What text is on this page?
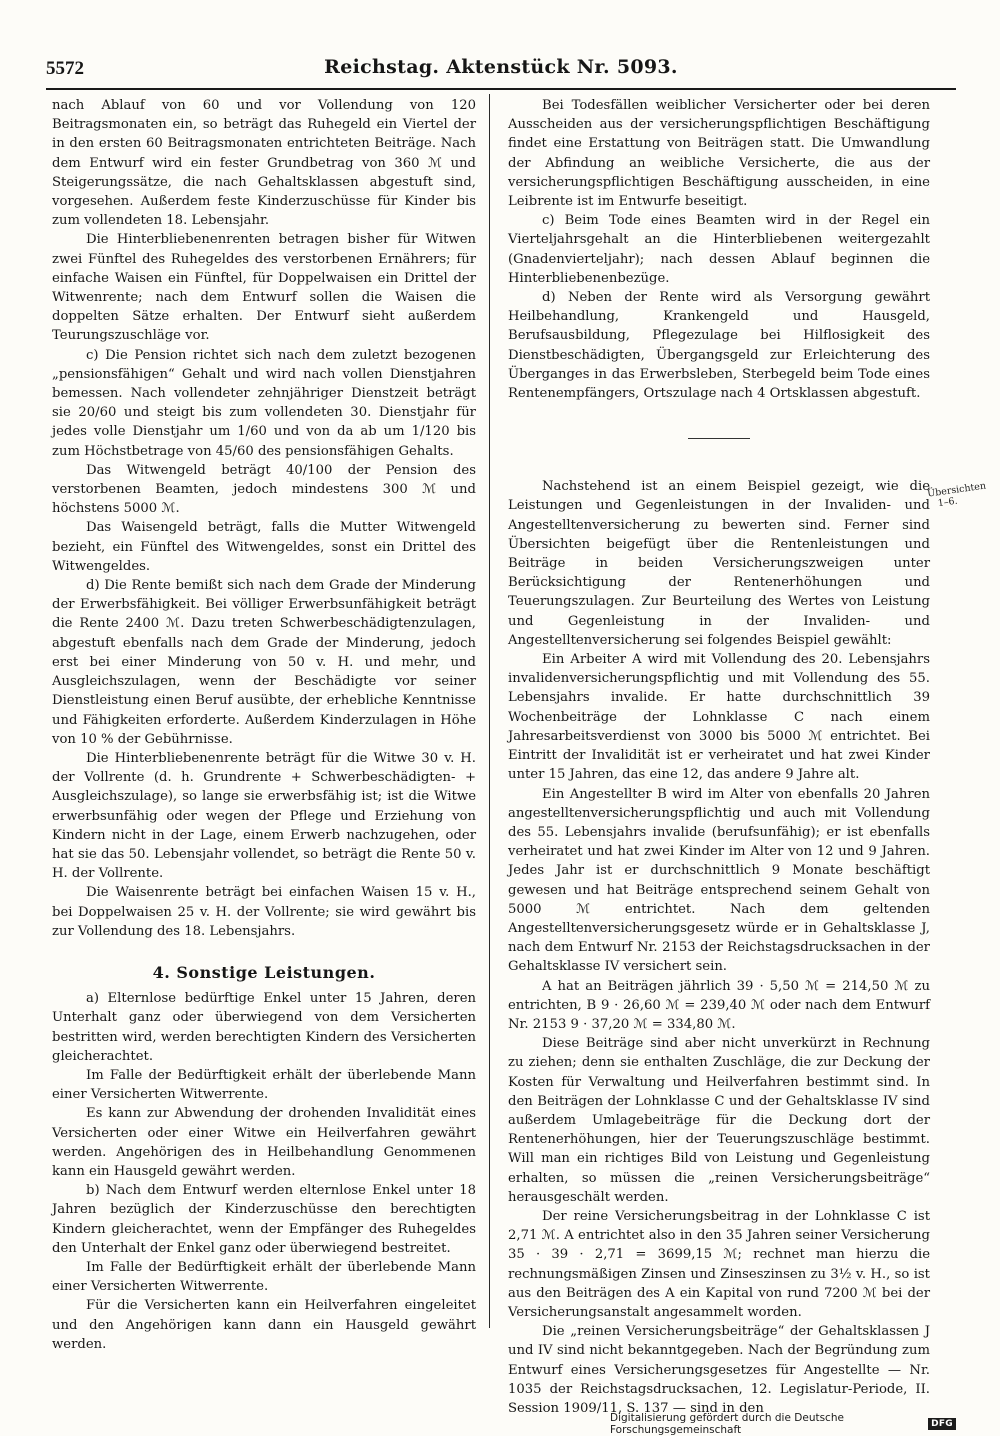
5572	Reichstag. Aktenstück Nr. 5093.

nach Ablauf von 60 und vor Vollendung von 120 Beitragsmonaten ein, so beträgt das Ruhegeld ein Viertel der in den ersten 60 Beitragsmonaten entrichteten Beiträge. Nach dem Entwurf wird ein fester Grundbetrag von 360 ℳ und Steigerungssätze, die nach Gehaltsklassen abgestuft sind, vorgesehen. Außerdem feste Kinderzuschüsse für Kinder bis zum vollendeten 18. Lebensjahr.

Die Hinterbliebenenrenten betragen bisher für Witwen zwei Fünftel des Ruhegeldes des verstorbenen Ernährers; für einfache Waisen ein Fünftel, für Doppelwaisen ein Drittel der Witwenrente; nach dem Entwurf sollen die Waisen die doppelten Sätze erhalten. Der Entwurf sieht außerdem Teurungszuschläge vor.

c) Die Pension richtet sich nach dem zuletzt bezogenen „pensionsfähigen“ Gehalt und wird nach vollen Dienstjahren bemessen. Nach vollendeter zehnjähriger Dienstzeit beträgt sie 20/60 und steigt bis zum vollendeten 30. Dienstjahr für jedes volle Dienstjahr um 1/60 und von da ab um 1/120 bis zum Höchstbetrage von 45/60 des pensionsfähigen Gehalts.

Das Witwengeld beträgt 40/100 der Pension des verstorbenen Beamten, jedoch mindestens 300 ℳ und höchstens 5000 ℳ.

Das Waisengeld beträgt, falls die Mutter Witwengeld bezieht, ein Fünftel des Witwengeldes, sonst ein Drittel des Witwengeldes.

d) Die Rente bemißt sich nach dem Grade der Minderung der Erwerbsfähigkeit. Bei völliger Erwerbsunfähigkeit beträgt die Rente 2400 ℳ. Dazu treten Schwerbeschädigtenzulagen, abgestuft ebenfalls nach dem Grade der Minderung, jedoch erst bei einer Minderung von 50 v. H. und mehr, und Ausgleichszulagen, wenn der Beschädigte vor seiner Dienstleistung einen Beruf ausübte, der erhebliche Kenntnisse und Fähigkeiten erforderte. Außerdem Kinderzulagen in Höhe von 10 % der Gebührnisse.

Die Hinterbliebenenrente beträgt für die Witwe 30 v. H. der Vollrente (d. h. Grundrente + Schwerbeschädigten- + Ausgleichszulage), so lange sie erwerbsfähig ist; ist die Witwe erwerbsunfähig oder wegen der Pflege und Erziehung von Kindern nicht in der Lage, einem Erwerb nachzugehen, oder hat sie das 50. Lebensjahr vollendet, so beträgt die Rente 50 v. H. der Vollrente.

Die Waisenrente beträgt bei einfachen Waisen 15 v. H., bei Doppelwaisen 25 v. H. der Vollrente; sie wird gewährt bis zur Vollendung des 18. Lebensjahrs.

4. Sonstige Leistungen.

a) Elternlose bedürftige Enkel unter 15 Jahren, deren Unterhalt ganz oder überwiegend von dem Versicherten bestritten wird, werden berechtigten Kindern des Versicherten gleicherachtet.

Im Falle der Bedürftigkeit erhält der überlebende Mann einer Versicherten Witwerrente.

Es kann zur Abwendung der drohenden Invalidität eines Versicherten oder einer Witwe ein Heilverfahren gewährt werden. Angehörigen des in Heilbehandlung Genommenen kann ein Hausgeld gewährt werden.

b) Nach dem Entwurf werden elternlose Enkel unter 18 Jahren bezüglich der Kinderzuschüsse den berechtigten Kindern gleicherachtet, wenn der Empfänger des Ruhegeldes den Unterhalt der Enkel ganz oder überwiegend bestreitet.

Im Falle der Bedürftigkeit erhält der überlebende Mann einer Versicherten Witwerrente.

Für die Versicherten kann ein Heilverfahren eingeleitet und den Angehörigen kann dann ein Hausgeld gewährt werden.

Bei Todesfällen weiblicher Versicherter oder bei deren Ausscheiden aus der versicherungspflichtigen Beschäftigung findet eine Erstattung von Beiträgen statt. Die Umwandlung der Abfindung an weibliche Versicherte, die aus der versicherungspflichtigen Beschäftigung ausscheiden, in eine Leibrente ist im Entwurfe beseitigt.

c) Beim Tode eines Beamten wird in der Regel ein Vierteljahrsgehalt an die Hinterbliebenen weitergezahlt (Gnadenvierteljahr); nach dessen Ablauf beginnen die Hinterbliebenenbezüge.

d) Neben der Rente wird als Versorgung gewährt Heilbehandlung, Krankengeld und Hausgeld, Berufsausbildung, Pflegezulage bei Hilflosigkeit des Dienstbeschädigten, Übergangsgeld zur Erleichterung des Überganges in das Erwerbsleben, Sterbegeld beim Tode eines Rentenempfängers, Ortszulage nach 4 Ortsklassen abgestuft.

Nachstehend ist an einem Beispiel gezeigt, wie die Leistungen und Gegenleistungen in der Invaliden- und Angestelltenversicherung zu bewerten sind. Ferner sind Übersichten beigefügt über die Rentenleistungen und Beiträge in beiden Versicherungszweigen unter Berücksichtigung der Rentenerhöhungen und Teuerungszulagen. Zur Beurteilung des Wertes von Leistung und Gegenleistung in der Invaliden- und Angestelltenversicherung sei folgendes Beispiel gewählt:

Ein Arbeiter A wird mit Vollendung des 20. Lebensjahrs invalidenversicherungspflichtig und mit Vollendung des 55. Lebensjahrs invalide. Er hatte durchschnittlich 39 Wochenbeiträge der Lohnklasse C nach einem Jahresarbeitsverdienst von 3000 bis 5000 ℳ entrichtet. Bei Eintritt der Invalidität ist er verheiratet und hat zwei Kinder unter 15 Jahren, das eine 12, das andere 9 Jahre alt.

Ein Angestellter B wird im Alter von ebenfalls 20 Jahren angestelltenversicherungspflichtig und auch mit Vollendung des 55. Lebensjahrs invalide (berufsunfähig); er ist ebenfalls verheiratet und hat zwei Kinder im Alter von 12 und 9 Jahren. Jedes Jahr ist er durchschnittlich 9 Monate beschäftigt gewesen und hat Beiträge entsprechend seinem Gehalt von 5000 ℳ entrichtet. Nach dem geltenden Angestelltenversicherungsgesetz würde er in Gehaltsklasse J, nach dem Entwurf Nr. 2153 der Reichstagsdrucksachen in der Gehaltsklasse IV versichert sein.

A hat an Beiträgen jährlich 39 · 5,50 ℳ = 214,50 ℳ zu entrichten, B 9 · 26,60 ℳ = 239,40 ℳ oder nach dem Entwurf Nr. 2153 9 · 37,20 ℳ = 334,80 ℳ.

Diese Beiträge sind aber nicht unverkürzt in Rechnung zu ziehen; denn sie enthalten Zuschläge, die zur Deckung der Kosten für Verwaltung und Heilverfahren bestimmt sind. In den Beiträgen der Lohnklasse C und der Gehaltsklasse IV sind außerdem Umlagebeiträge für die Deckung dort der Rentenerhöhungen, hier der Teuerungszuschläge bestimmt. Will man ein richtiges Bild von Leistung und Gegenleistung erhalten, so müssen die „reinen Versicherungsbeiträge“ herausgeschält werden.

Der reine Versicherungsbeitrag in der Lohnklasse C ist 2,71 ℳ. A entrichtet also in den 35 Jahren seiner Versicherung 35 · 39 · 2,71 = 3699,15 ℳ; rechnet man hierzu die rechnungsmäßigen Zinsen und Zinseszinsen zu 3½ v. H., so ist aus den Beiträgen des A ein Kapital von rund 7200 ℳ bei der Versicherungsanstalt angesammelt worden.

Die „reinen Versicherungsbeiträge“ der Gehaltsklassen J und IV sind nicht bekanntgegeben. Nach der Begründung zum Entwurf eines Versicherungsgesetzes für Angestellte — Nr. 1035 der Reichstagsdrucksachen, 12. Legislatur-Periode, II. Session 1909/11, S. 137 — sind in den

Übersichten 1–6.
Digitalisierung gefördert durch die Deutsche Forschungsgemeinschaft	DFG
